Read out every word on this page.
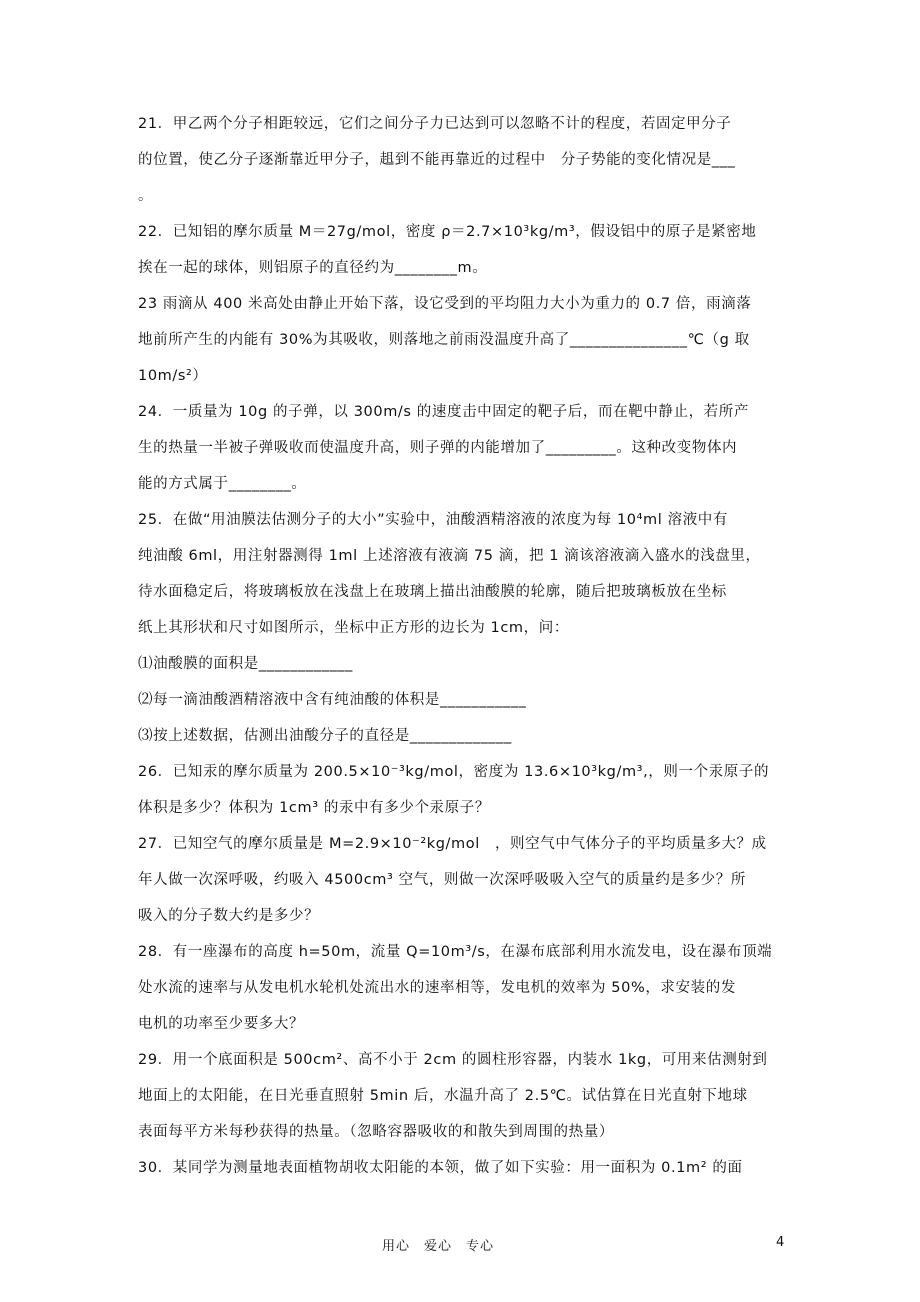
21．甲乙两个分子相距较远，它们之间分子力已达到可以忽略不计的程度，若固定甲分子
的位置，使乙分子逐渐靠近甲分子，趄到不能再靠近的过程中　分子势能的变化情况是___
。
22．已知铝的摩尔质量 M＝27g/mol，密度 ρ＝2.7×10³kg/m³，假设铝中的原子是紧密地
挨在一起的球体，则铝原子的直径约为________m。
23 雨滴从 400 米高处由静止开始下落，设它受到的平均阻力大小为重力的 0.7 倍，雨滴落
地前所产生的内能有 30%为其吸收，则落地之前雨没温度升高了_______________℃（g 取
10m/s²）
24．一质量为 10g 的子弹，以 300m/s 的速度击中固定的靶子后，而在靶中静止，若所产
生的热量一半被子弹吸收而使温度升高，则子弹的内能增加了_________。这种改变物体内
能的方式属于________。
25．在做“用油膜法估测分子的大小”实验中，油酸酒精溶液的浓度为每 10⁴ml 溶液中有
纯油酸 6ml，用注射器测得 1ml 上述溶液有液滴 75 滴，把 1 滴该溶液滴入盛水的浅盘里，
待水面稳定后，将玻璃板放在浅盘上在玻璃上描出油酸膜的轮廓，随后把玻璃板放在坐标
纸上其形状和尺寸如图所示，坐标中正方形的边长为 1cm，问：
⑴油酸膜的面积是____________
⑵每一滴油酸酒精溶液中含有纯油酸的体积是___________
⑶按上述数据，估测出油酸分子的直径是_____________
26．已知汞的摩尔质量为 200.5×10⁻³kg/mol，密度为 13.6×10³kg/m³,，则一个汞原子的
体积是多少？体积为 1cm³ 的汞中有多少个汞原子？
27．已知空气的摩尔质量是 M=2.9×10⁻²kg/mol　，则空气中气体分子的平均质量多大？成
年人做一次深呼吸，约吸入 4500cm³ 空气，则做一次深呼吸吸入空气的质量约是多少？所
吸入的分子数大约是多少？
28．有一座瀑布的高度 h=50m，流量 Q=10m³/s，在瀑布底部利用水流发电，设在瀑布顶端
处水流的速率与从发电机水轮机处流出水的速率相等，发电机的效率为 50%，求安装的发
电机的功率至少要多大？
29．用一个底面积是 500cm²、高不小于 2cm 的圆柱形容器，内装水 1kg，可用来估测射到
地面上的太阳能，在日光垂直照射 5min 后，水温升高了 2.5℃。试估算在日光直射下地球
表面每平方米每秒获得的热量。（忽略容器吸收的和散失到周围的热量）
30．某同学为测量地表面植物胡收太阳能的本领，做了如下实验：用一面积为 0.1m² 的面
用心　爱心　专心	4
